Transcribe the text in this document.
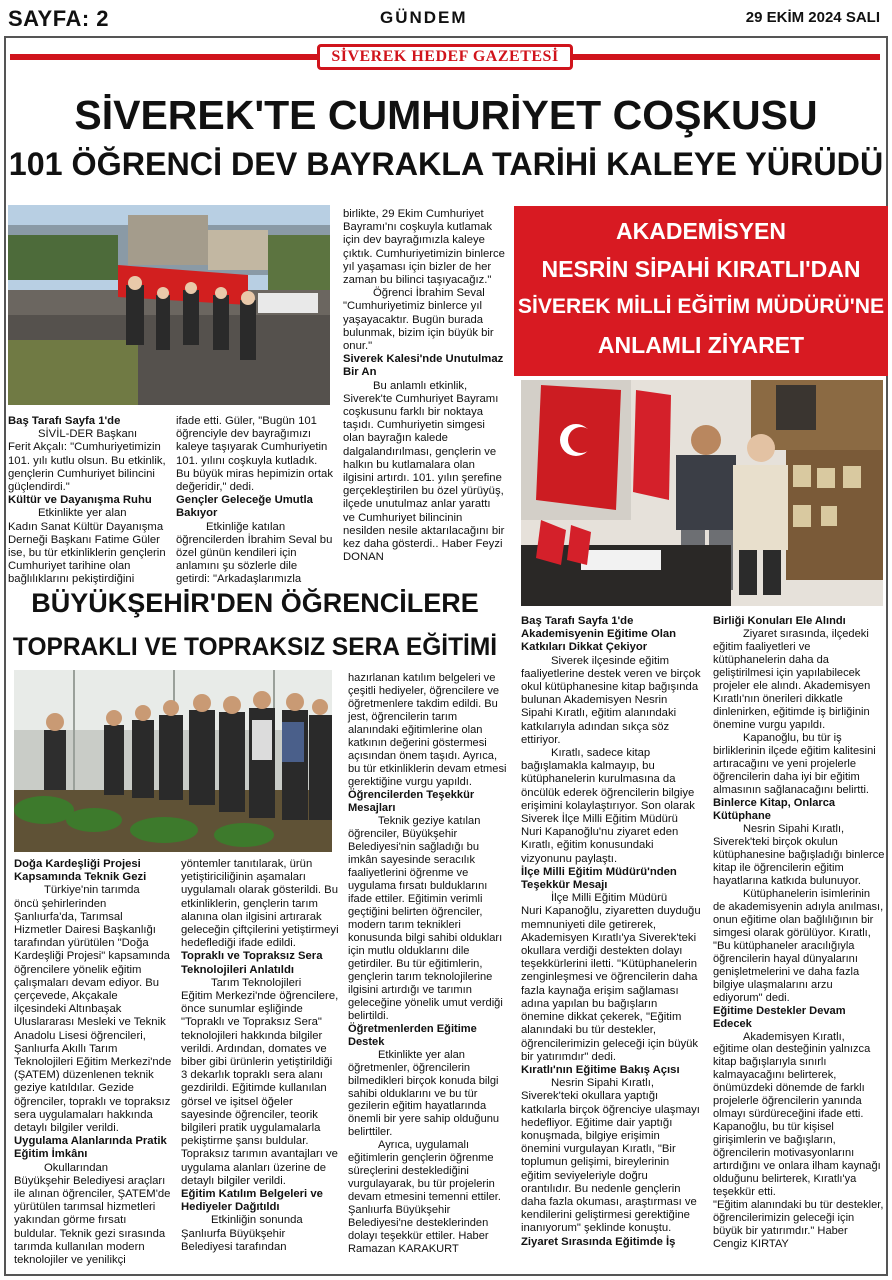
SAYFA: 2	GÜNDEM	29 EKİM 2024 SALI
SİVEREK HEDEF GAZETESİ
SİVEREK'TE CUMHURİYET COŞKUSU
101 ÖĞRENCİ DEV BAYRAKLA TARİHİ KALEYE YÜRÜDÜ

Baş Tarafı Sayfa 1'de

SİVİL-DER Başkanı

Ferit Akçalı: "Cumhuriyetimizin 101. yılı kutlu olsun. Bu etkinlik, gençlerin Cumhuriyet bilincini güçlendirdi."

Kültür ve Dayanışma Ruhu

Etkinlikte yer alan

Kadın Sanat Kültür Dayanışma Derneği Başkanı Fatime Güler ise, bu tür etkinliklerin gençlerin Cumhuriyet tarihine olan bağlılıklarını pekiştirdiğini

ifade etti. Güler, "Bugün 101 öğrenciyle dev bayrağımızı kaleye taşıyarak Cumhuriyetin 101. yılını coşkuyla kutladık. Bu büyük miras hepimizin ortak değeridir," dedi.

Gençler Geleceğe Umutla Bakıyor

Etkinliğe katılan

öğrencilerden İbrahim Seval bu özel günün kendileri için anlamını şu sözlerle dile getirdi: "Arkadaşlarımızla

birlikte, 29 Ekim Cumhuriyet Bayramı'nı coşkuyla kutlamak için dev bayrağımızla kaleye çıktık. Cumhuriyetimizin binlerce yıl yaşaması için bizler de her zaman bu bilinci taşıyacağız."

Öğrenci İbrahim Seval

"Cumhuriyetimiz binlerce yıl yaşayacaktır. Bugün burada bulunmak, bizim için büyük bir onur."

Siverek Kalesi'nde Unutulmaz Bir An

Bu anlamlı etkinlik,

Siverek'te Cumhuriyet Bayramı coşkusunu farklı bir noktaya taşıdı. Cumhuriyetin simgesi olan bayrağın kalede dalgalandırılması, gençlerin ve halkın bu kutlamalara olan ilgisini artırdı. 101. yılın şerefine gerçekleştirilen bu özel yürüyüş, ilçede unutulmaz anlar yarattı ve Cumhuriyet bilincinin nesilden nesile aktarılacağını bir kez daha gösterdi.. Haber Feyzi DONAN

AKADEMİSYEN
NESRİN SİPAHİ KIRATLI'DAN
SİVEREK MİLLİ EĞİTİM MÜDÜRÜ'NE
ANLAMLI ZİYARET

Baş Tarafı Sayfa 1'de Akademisyenin Eğitime Olan Katkıları Dikkat Çekiyor

Siverek ilçesinde eğitim

faaliyetlerine destek veren ve birçok okul kütüphanesine kitap bağışında bulunan Akademisyen Nesrin Sipahi Kıratlı, eğitim alanındaki katkılarıyla adından sıkça söz ettiriyor.

Kıratlı, sadece kitap

bağışlamakla kalmayıp, bu kütüphanelerin kurulmasına da öncülük ederek öğrencilerin bilgiye erişimini kolaylaştırıyor. Son olarak Siverek İlçe Milli Eğitim Müdürü Nuri Kapanoğlu'nu ziyaret eden Kıratlı, eğitim konusundaki vizyonunu paylaştı.

İlçe Milli Eğitim Müdürü'nden Teşekkür Mesajı

İlçe Milli Eğitim Müdürü

Nuri Kapanoğlu, ziyaretten duyduğu memnuniyeti dile getirerek, Akademisyen Kıratlı'ya Siverek'teki okullara verdiği destekten dolayı teşekkürlerini iletti. "Kütüphanelerin zenginleşmesi ve öğrencilerin daha fazla kaynağa erişim sağlaması adına yapılan bu bağışların önemine dikkat çekerek, "Eğitim alanındaki bu tür destekler, öğrencilerimizin geleceği için büyük bir yatırımdır" dedi.

Kıratlı'nın Eğitime Bakış Açısı

Nesrin Sipahi Kıratlı,

Siverek'teki okullara yaptığı katkılarla birçok öğrenciye ulaşmayı hedefliyor. Eğitime dair yaptığı konuşmada, bilgiye erişimin önemini vurgulayan Kıratlı, "Bir toplumun gelişimi, bireylerinin eğitim seviyeleriyle doğru orantılıdır. Bu nedenle gençlerin daha fazla okuması, araştırması ve kendilerini geliştirmesi gerektiğine inanıyorum" şeklinde konuştu.

Ziyaret Sırasında Eğitimde İş

Birliği Konuları Ele Alındı

Ziyaret sırasında, ilçedeki

eğitim faaliyetleri ve kütüphanelerin daha da geliştirilmesi için yapılabilecek projeler ele alındı. Akademisyen Kıratlı'nın önerileri dikkatle dinlenirken, eğitimde iş birliğinin önemine vurgu yapıldı.

Kapanoğlu, bu tür iş

birliklerinin ilçede eğitim kalitesini artıracağını ve yeni projelerle öğrencilerin daha iyi bir eğitim almasının sağlanacağını belirtti.

Binlerce Kitap, Onlarca Kütüphane

Nesrin Sipahi Kıratlı,

Siverek'teki birçok okulun kütüphanesine bağışladığı binlerce kitap ile öğrencilerin eğitim hayatlarına katkıda bulunuyor.

Kütüphanelerin isimlerinin

de akademisyenin adıyla anılması, onun eğitime olan bağlılığının bir simgesi olarak görülüyor. Kıratlı, "Bu kütüphaneler aracılığıyla öğrencilerin hayal dünyalarını genişletmelerini ve daha fazla bilgiye ulaşmalarını arzu ediyorum" dedi.

Eğitime Destekler Devam Edecek

Akademisyen Kıratlı,

eğitime olan desteğinin yalnızca kitap bağışlarıyla sınırlı kalmayacağını belirterek, önümüzdeki dönemde de farklı projelerle öğrencilerin yanında olmayı sürdüreceğini ifade etti. Kapanoğlu, bu tür kişisel girişimlerin ve bağışların, öğrencilerin motivasyonlarını artırdığını ve onlara ilham kaynağı olduğunu belirterek, Kıratlı'ya teşekkür etti.

"Eğitim alanındaki bu tür destekler, öğrencilerimizin geleceği için büyük bir yatırımdır." Haber Cengiz KIRTAY

BÜYÜKŞEHİR'DEN ÖĞRENCİLERE
TOPRAKLI VE TOPRAKSIZ SERA EĞİTİMİ

Doğa Kardeşliği Projesi Kapsamında Teknik Gezi

Türkiye'nin tarımda

öncü şehirlerinden Şanlıurfa'da, Tarımsal Hizmetler Dairesi Başkanlığı tarafından yürütülen "Doğa Kardeşliği Projesi" kapsamında öğrencilere yönelik eğitim çalışmaları devam ediyor. Bu çerçevede, Akçakale ilçesindeki Altınbaşak Uluslararası Mesleki ve Teknik Anadolu Lisesi öğrencileri, Şanlıurfa Akıllı Tarım Teknolojileri Eğitim Merkezi'nde (ŞATEM) düzenlenen teknik geziye katıldılar. Gezide öğrenciler, topraklı ve topraksız sera uygulamaları hakkında detaylı bilgiler verildi.

Uygulama Alanlarında Pratik Eğitim İmkânı

Okullarından

Büyükşehir Belediyesi araçları ile alınan öğrenciler, ŞATEM'de yürütülen tarımsal hizmetleri yakından görme fırsatı buldular. Teknik gezi sırasında tarımda kullanılan modern teknolojiler ve yenilikçi

yöntemler tanıtılarak, ürün yetiştiriciliğinin aşamaları uygulamalı olarak gösterildi. Bu etkinliklerin, gençlerin tarım alanına olan ilgisini artırarak geleceğin çiftçilerini yetiştirmeyi hedeflediği ifade edildi.

Topraklı ve Topraksız Sera Teknolojileri Anlatıldı

Tarım Teknolojileri

Eğitim Merkezi'nde öğrencilere, önce sunumlar eşliğinde "Topraklı ve Topraksız Sera" teknolojileri hakkında bilgiler verildi. Ardından, domates ve biber gibi ürünlerin yetiştirildiği 3 dekarlık topraklı sera alanı gezdirildi. Eğitimde kullanılan görsel ve işitsel öğeler sayesinde öğrenciler, teorik bilgileri pratik uygulamalarla pekiştirme şansı buldular. Topraksız tarımın avantajları ve uygulama alanları üzerine de detaylı bilgiler verildi.

Eğitim Katılım Belgeleri ve Hediyeler Dağıtıldı

Etkinliğin sonunda

Şanlıurfa Büyükşehir Belediyesi tarafından

hazırlanan katılım belgeleri ve çeşitli hediyeler, öğrencilere ve öğretmenlere takdim edildi. Bu jest, öğrencilerin tarım alanındaki eğitimlerine olan katkının değerini göstermesi açısından önem taşıdı. Ayrıca, bu tür etkinliklerin devam etmesi gerektiğine vurgu yapıldı.

Öğrencilerden Teşekkür Mesajları

Teknik geziye katılan

öğrenciler, Büyükşehir Belediyesi'nin sağladığı bu imkân sayesinde seracılık faaliyetlerini öğrenme ve uygulama fırsatı bulduklarını ifade ettiler. Eğitimin verimli geçtiğini belirten öğrenciler, modern tarım teknikleri konusunda bilgi sahibi oldukları için mutlu olduklarını dile getirdiler. Bu tür eğitimlerin, gençlerin tarım teknolojilerine ilgisini artırdığı ve tarımın geleceğine yönelik umut verdiği belirtildi.

Öğretmenlerden Eğitime Destek

Etkinlikte yer alan

öğretmenler, öğrencilerin bilmedikleri birçok konuda bilgi sahibi olduklarını ve bu tür gezilerin eğitim hayatlarında önemli bir yere sahip olduğunu belirttiler.

Ayrıca, uygulamalı

eğitimlerin gençlerin öğrenme süreçlerini desteklediğini vurgulayarak, bu tür projelerin devam etmesini temenni ettiler. Şanlıurfa Büyükşehir Belediyesi'ne desteklerinden dolayı teşekkür ettiler. Haber Ramazan KARAKURT
